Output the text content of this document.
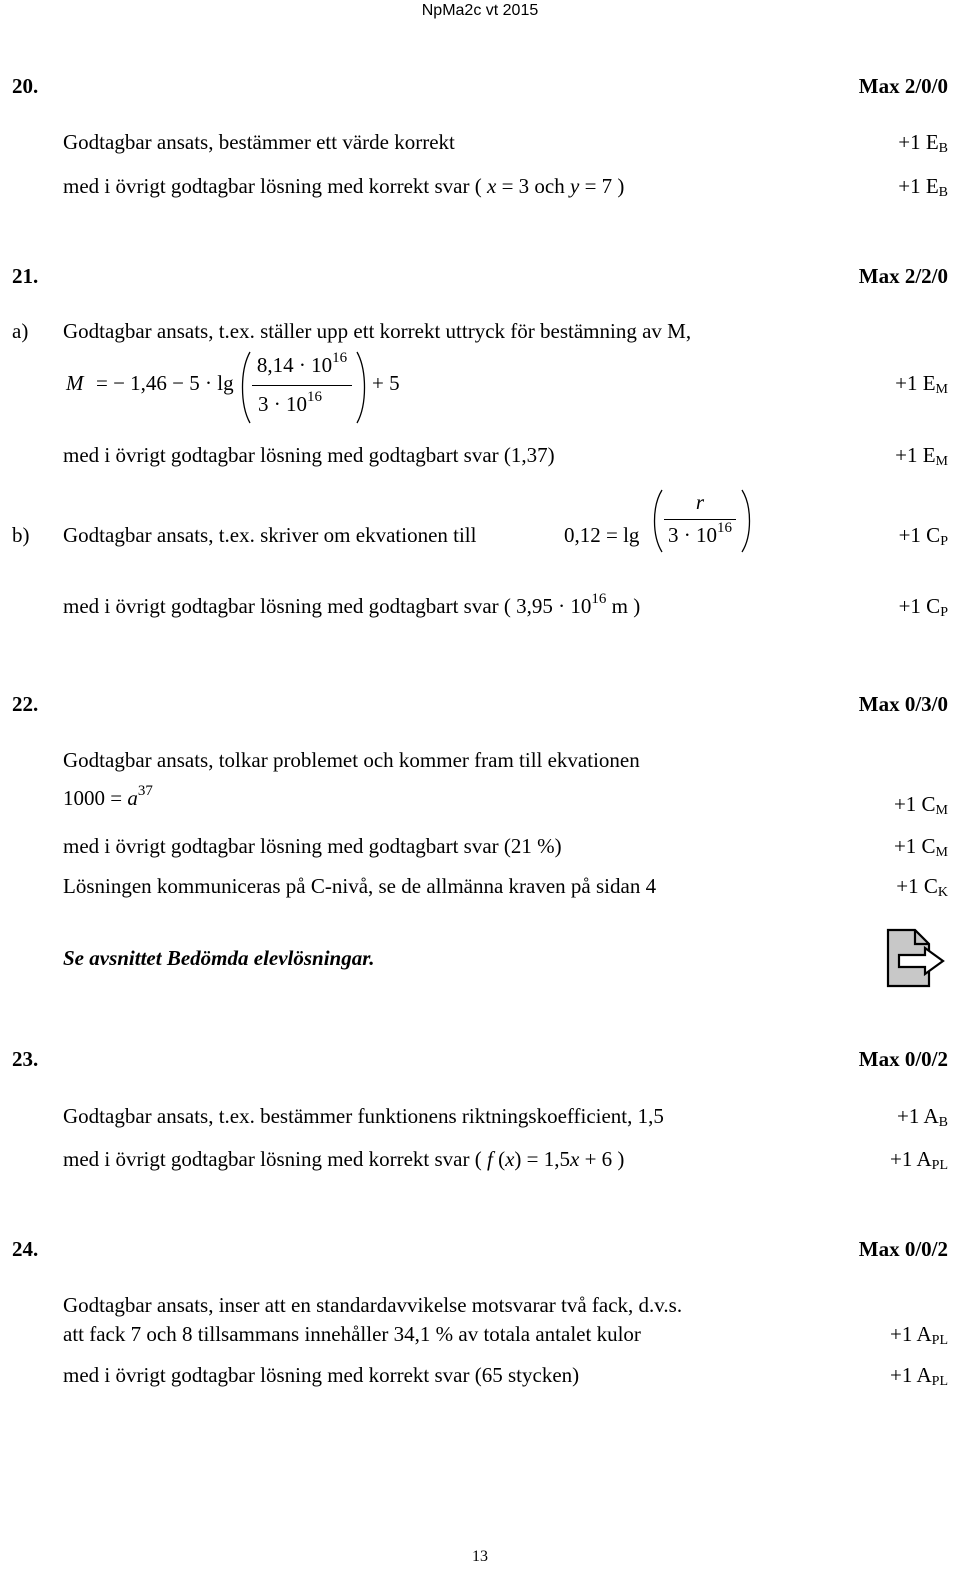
NpMa2c vt 2015
20.	Max 2/0/0
Godtagbar ansats, bestämmer ett värde korrekt	+1 $E_B$
med i övrigt godtagbar lösning med korrekt svar ( x = 3 och y = 7 )	+1 $E_B$
21.	Max 2/2/0
a) Godtagbar ansats, t.ex. ställer upp ett korrekt uttryck för bestämning av M,
M = − 1,46 − 5 · lg
$8,14 \cdot 10^{16}$
$3 \cdot 10^{16}$
+ 5	+1 $E_M$
med i övrigt godtagbar lösning med godtagbart svar (1,37)	+1 $E_M$
b) Godtagbar ansats, t.ex. skriver om ekvationen till	0,12 = lg
r
$3 \cdot 10^{16}$	+1 $C_P$
med i övrigt godtagbar lösning med godtagbart svar ( $3,95 \cdot 10^{16}$ m )	+1 $C_P$
22.	Max 0/3/0
Godtagbar ansats, tolkar problemet och kommer fram till ekvationen
$1000 = a^{37}$
+1 $C_M$
med i övrigt godtagbar lösning med godtagbart svar (21 %)	+1 $C_M$
Lösningen kommuniceras på C-nivå, se de allmänna kraven på sidan 4	+1 $C_K$
Se avsnittet Bedömda elevlösningar.
23.	Max 0/0/2
Godtagbar ansats, t.ex. bestämmer funktionens riktningskoefficient, 1,5	+1 $A_B$
med i övrigt godtagbar lösning med korrekt svar ( f (x) = 1,5x + 6 )	+1 $A_{PL}$
24.	Max 0/0/2
Godtagbar ansats, inser att en standardavvikelse motsvarar två fack, d.v.s.
att fack 7 och 8 tillsammans innehåller 34,1 % av totala antalet kulor	+1 $A_{PL}$
med i övrigt godtagbar lösning med korrekt svar (65 stycken)	+1 $A_{PL}$
13
